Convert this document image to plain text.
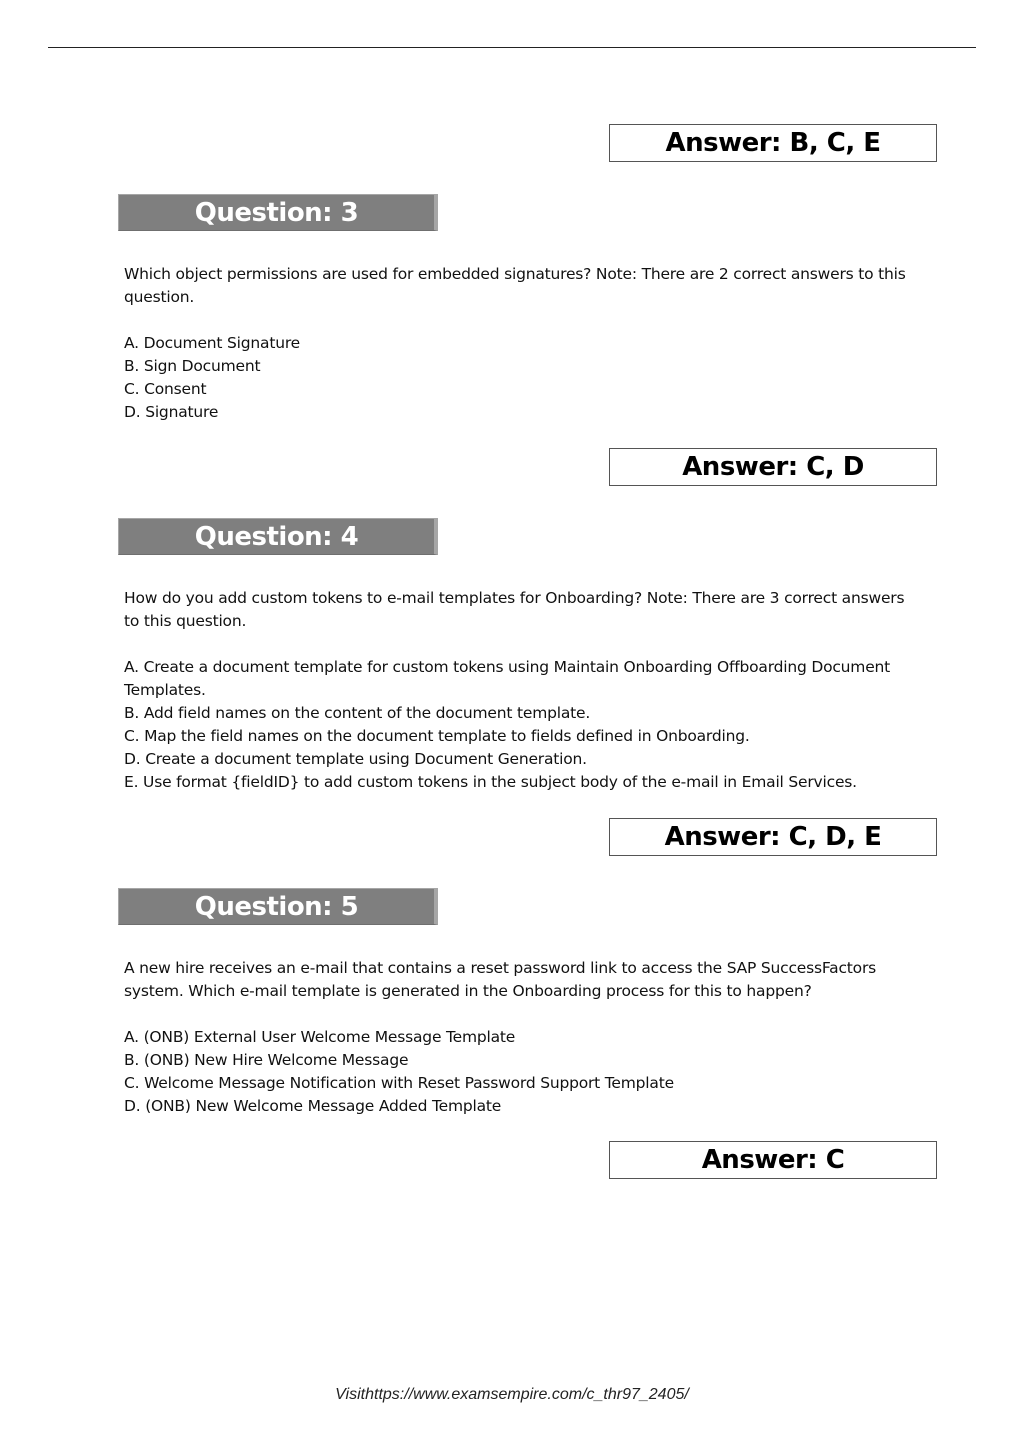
Answer: B, C, E
Question: 3

Which object permissions are used for embedded signatures? Note: There are 2 correct answers to this question.

A. Document Signature
B. Sign Document
C. Consent
D. Signature
Answer: C, D
Question: 4

How do you add custom tokens to e-mail templates for Onboarding? Note: There are 3 correct answers to this question.

A. Create a document template for custom tokens using Maintain Onboarding Offboarding Document Templates.
B. Add field names on the content of the document template.
C. Map the field names on the document template to fields defined in Onboarding.
D. Create a document template using Document Generation.
E. Use format {fieldID} to add custom tokens in the subject body of the e-mail in Email Services.
Answer: C, D, E
Question: 5

A new hire receives an e-mail that contains a reset password link to access the SAP SuccessFactors system. Which e-mail template is generated in the Onboarding process for this to happen?

A. (ONB) External User Welcome Message Template
B. (ONB) New Hire Welcome Message
C. Welcome Message Notification with Reset Password Support Template
D. (ONB) New Welcome Message Added Template
Answer: C
Visithttps://www.examsempire.com/c_thr97_2405/
